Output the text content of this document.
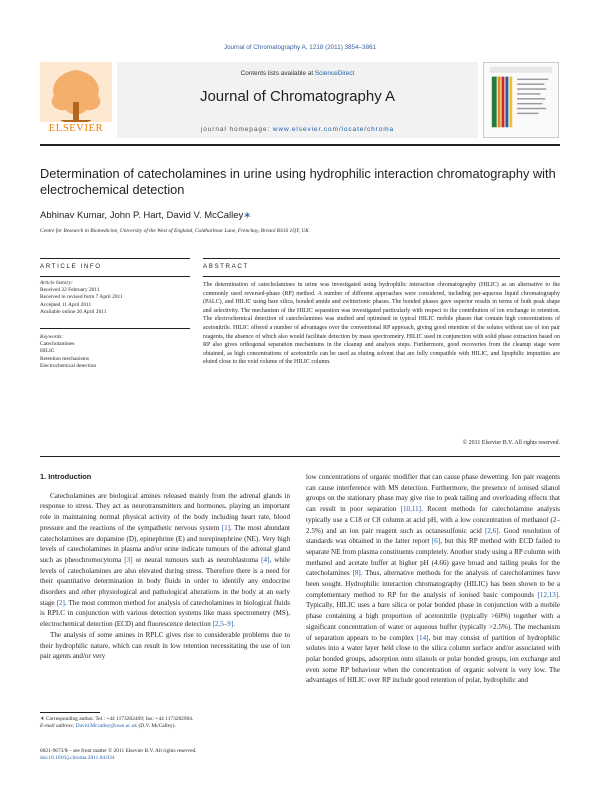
Journal of Chromatography A, 1218 (2011) 3854–3861
ELSEVIER
Contents lists available at ScienceDirect
Journal of Chromatography A
journal homepage: www.elsevier.com/locate/chroma
Determination of catecholamines in urine using hydrophilic interaction chromatography with electrochemical detection
Abhinav Kumar, John P. Hart, David V. McCalley∗
Centre for Research in Biomedicine, University of the West of England, Coldharbour Lane, Frenchay, Bristol BS16 1QY, UK
ARTICLE INFO
Article history:
Received 22 February 2011
Received in revised form 7 April 2011
Accepted 11 April 2011
Available online 20 April 2011
Keywords:
Catecholamines
HILIC
Retention mechanisms
Electrochemical detection
ABSTRACT
The determination of catecholamines in urine was investigated using hydrophilic interaction chromatography (HILIC) as an alternative to the commonly used reversed-phase (RP) method. A number of different approaches were considered, including per-aqueous liquid chromatography (PALC), and HILIC using bare silica, bonded amide and zwitterionic phases. The bonded phases gave superior results in terms of both peak shape and selectivity. The mechanism of the HILIC separation was investigated particularly with respect to the contribution of ion exchange to retention. The electrochemical detection of catecholamines was studied and optimised in typical HILIC mobile phases that contain high concentrations of acetonitrile. HILIC offered a number of advantages over the conventional RP approach, giving good retention of the solutes without use of ion pair reagents, the absence of which also would facilitate detection by mass spectrometry. HILIC used in conjunction with solid phase extraction based on RP also gives orthogonal separation mechanisms in the cleanup and analysis steps. Furthermore, good recoveries from the cleanup stage were obtained, as high concentrations of acetonitrile can be used as eluting solvent that are fully compatible with HILIC, and lipophilic impurities are eluted close to the void volume of the HILIC column.
© 2011 Elsevier B.V. All rights reserved.
1. Introduction

Catecholamines are biological amines released mainly from the adrenal glands in response to stress. They act as neurotransmitters and hormones, playing an important role in maintaining normal physical activity of the body including heart rate, blood pressure and the reactions of the sympathetic nervous system [1]. The most abundant catecholamines are dopamine (D), epinephrine (E) and norepinephrine (NE). Very high levels of catecholamines in plasma and/or urine indicate tumours of the adrenal gland such as pheochromocytoma [3] or neural tumours such as neuroblastoma [4], while levels of catecholamines are also elevated during stress. Therefore there is a need for their quantitative determination in body fluids in order to identify any endocrine disorders and other physiological and pathological alterations in the body at an early stage [2]. The most common method for analysis of catecholamines in biological fluids is RPLC in conjunction with various detection systems like mass spectrometry (MS), electrochemical detection (ECD) and fluorescence detection [2,5–9].

The analysis of some amines in RPLC gives rise to considerable problems due to their hydrophilic nature, which can result in low retention necessitating the use of ion pair agents and/or very

low concentrations of organic modifier that can cause phase dewetting. Ion pair reagents can cause interference with MS detection. Furthermore, the presence of ionised silanol groups on the stationary phase may give rise to peak tailing and overloading effects that can result in poor separation [10,11]. Recent methods for catecholamine analysis typically use a C18 or C8 column at acid pH, with a low concentration of methanol (2–2.5%) and an ion pair reagent such as octanesulfonic acid [2,6]. Good resolution of standards was obtained in the latter report [6], but this RP method with ECD failed to separate NE from plasma constituents completely. Another study using a RP column with methanol and acetate buffer at higher pH (4.66) gave broad and tailing peaks for the catecholamines [8]. Thus, alternative methods for the analysis of catecholamines have been sought. Hydrophilic interaction chromatography (HILIC) has been shown to be a complementary method to RP for the analysis of ionised basic compounds [12,13]. Typically, HILIC uses a bare silica or polar bonded phase in conjunction with a mobile phase containing a high proportion of acetonitrile (typically >60%) together with a significant concentration of water or aqueous buffer (typically >2.5%). The mechanism of separation appears to be complex [14], but may consist of partition of hydrophilic solutes into a water layer held close to the silica column surface and/or associated with polar bonded groups, adsorption onto silanols or polar bonded groups, ion exchange and even some RP behaviour when the concentration of organic solvent is very low. The advantages of HILIC over RP include good retention of polar, hydrophilic and

∗ Corresponding author. Tel.: +44 1173282469; fax: +44 1173282904.
E-mail address: David.Mccalley@uwe.ac.uk (D.V. McCalley).
0021-9673/$ – see front matter © 2011 Elsevier B.V. All rights reserved.
doi:10.1016/j.chroma.2011.04.034
